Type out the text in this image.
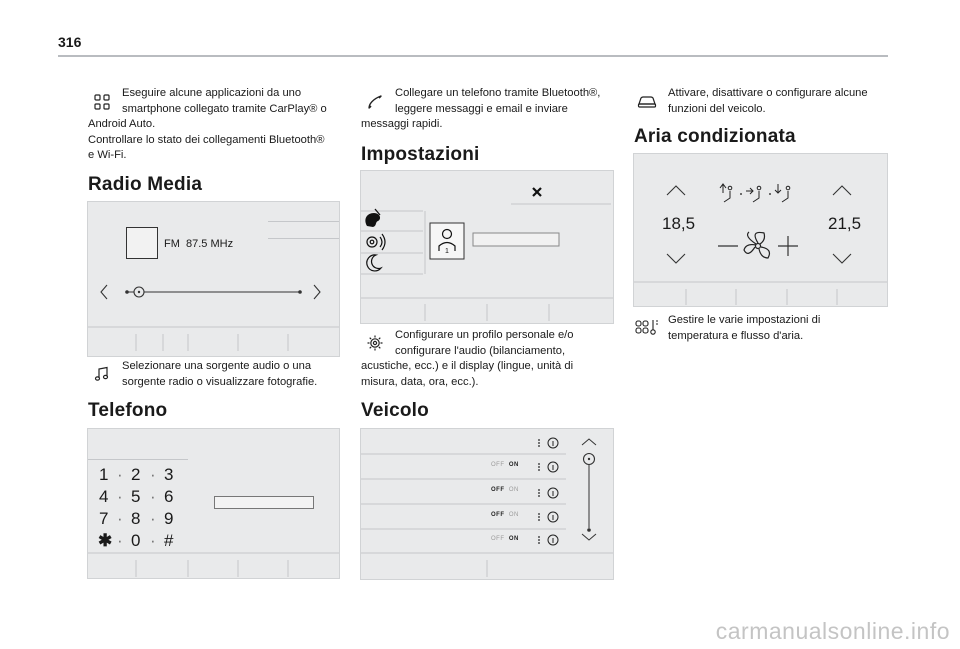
316
Eseguire alcune applicazioni da uno
smartphone collegato tramite CarPlay® o
Android Auto.
Controllare lo stato dei collegamenti Bluetooth®
e Wi-Fi.
Radio Media
FM 87.5 MHz
Selezionare una sorgente audio o una
sorgente radio o visualizzare fotografie.
Telefono
1 · 2 · 3
4 · 5 · 6
7 · 8 · 9
✱ · 0 · #
Collegare un telefono tramite Bluetooth®,
leggere messaggi e email e inviare
messaggi rapidi.
Impostazioni
1
Configurare un profilo personale e/o
configurare l'audio (bilanciamento,
acustiche, ecc.) e il display (lingue, unità di
misura, data, ora, ecc.).
Veicolo
OFF ON
OFF ON
OFF ON
OFF ON
Attivare, disattivare o configurare alcune
funzioni del veicolo.
Aria condizionata
18,5	21,5
Gestire le varie impostazioni di
temperatura e flusso d'aria.
carmanualsonline.info
